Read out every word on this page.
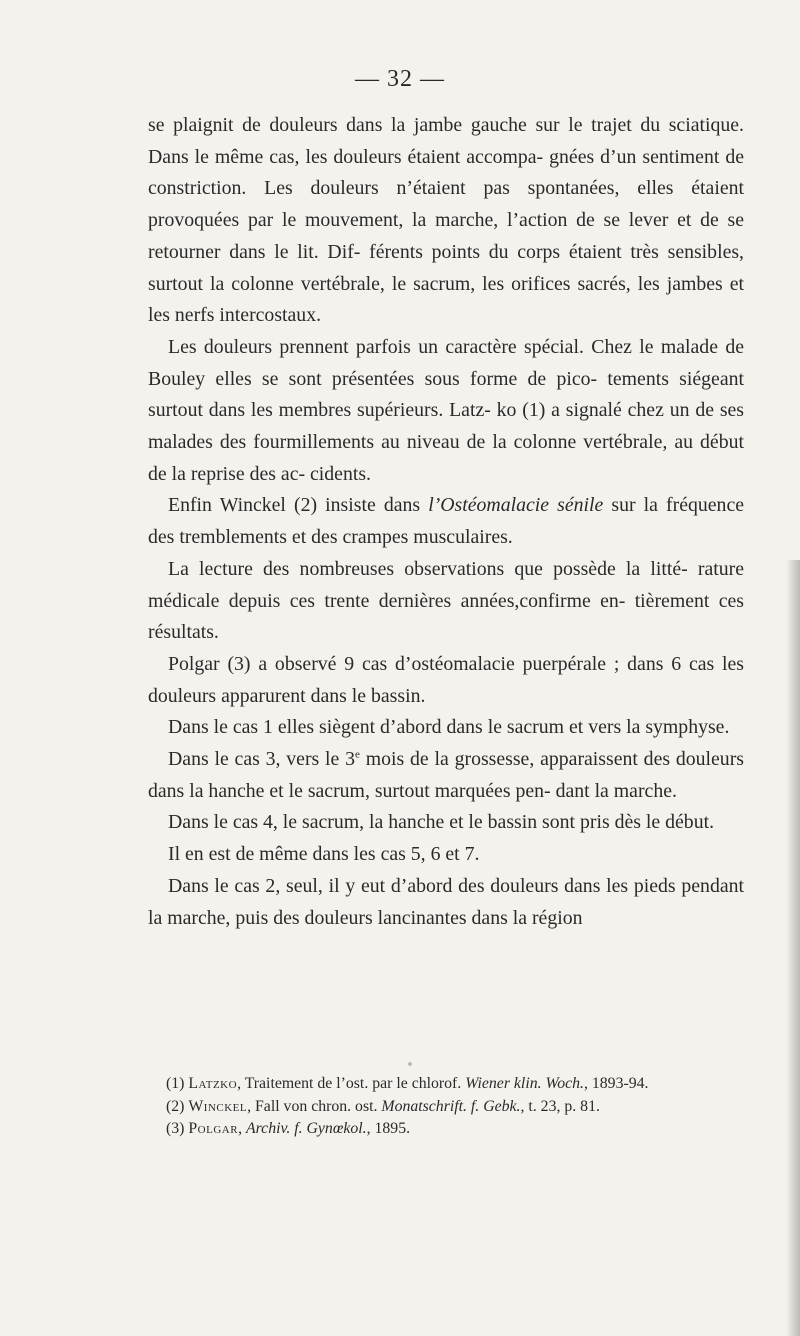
— 32 —

se plaignit de douleurs dans la jambe gauche sur le trajet du sciatique. Dans le même cas, les douleurs étaient accompa- gnées d’un sentiment de constriction. Les douleurs n’étaient pas spontanées, elles étaient provoquées par le mouvement, la marche, l’action de se lever et de se retourner dans le lit. Dif- férents points du corps étaient très sensibles, surtout la colonne vertébrale, le sacrum, les orifices sacrés, les jambes et les nerfs intercostaux.

Les douleurs prennent parfois un caractère spécial. Chez le malade de Bouley elles se sont présentées sous forme de pico- tements siégeant surtout dans les membres supérieurs. Latz- ko (1) a signalé chez un de ses malades des fourmillements au niveau de la colonne vertébrale, au début de la reprise des ac- cidents.

Enfin Winckel (2) insiste dans l’Ostéomalacie sénile sur la fréquence des tremblements et des crampes musculaires.

La lecture des nombreuses observations que possède la litté- rature médicale depuis ces trente dernières années,confirme en- tièrement ces résultats.

Polgar (3) a observé 9 cas d’ostéomalacie puerpérale ; dans 6 cas les douleurs apparurent dans le bassin.

Dans le cas 1 elles siègent d’abord dans le sacrum et vers la symphyse.

Dans le cas 3, vers le 3e mois de la grossesse, apparaissent des douleurs dans la hanche et le sacrum, surtout marquées pen- dant la marche.

Dans le cas 4, le sacrum, la hanche et le bassin sont pris dès le début.

Il en est de même dans les cas 5, 6 et 7.

Dans le cas 2, seul, il y eut d’abord des douleurs dans les pieds pendant la marche, puis des douleurs lancinantes dans la région

(1) Latzko, Traitement de l’ost. par le chlorof. Wiener klin. Woch., 1893-94.

(2) Winckel, Fall von chron. ost. Monatschrift. f. Gebk., t. 23, p. 81.

(3) Polgar, Archiv. f. Gynœkol., 1895.
